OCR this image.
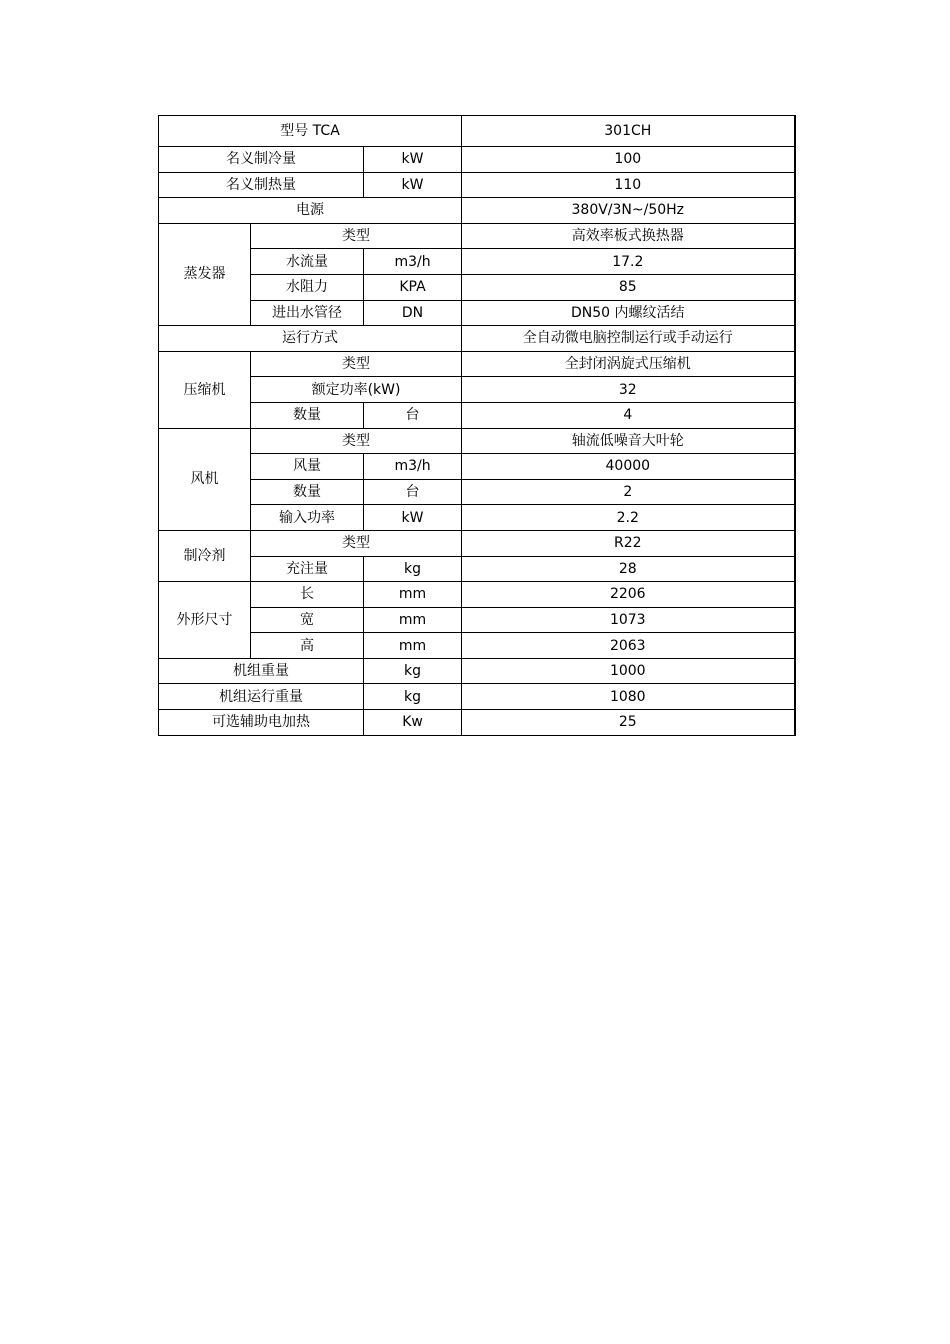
型号 TCA			301CH
名义制冷量		kW	100
名义制热量		kW	110
电源			380V/3N~/50Hz
蒸发器	类型		高效率板式换热器
	水流量	m3/h	17.2
	水阻力	KPA	85
	进出水管径	DN	DN50 内螺纹活结
运行方式			全自动微电脑控制运行或手动运行
压缩机	类型		全封闭涡旋式压缩机
	额定功率(kW)		32
	数量	台	4
风机	类型		轴流低噪音大叶轮
	风量	m3/h	40000
	数量	台	2
	输入功率	kW	2.2
制冷剂	类型		R22
	充注量	kg	28
外形尺寸	长	mm	2206
	宽	mm	1073
	高	mm	2063
机组重量		kg	1000
机组运行重量		kg	1080
可选辅助电加热		Kw	25
